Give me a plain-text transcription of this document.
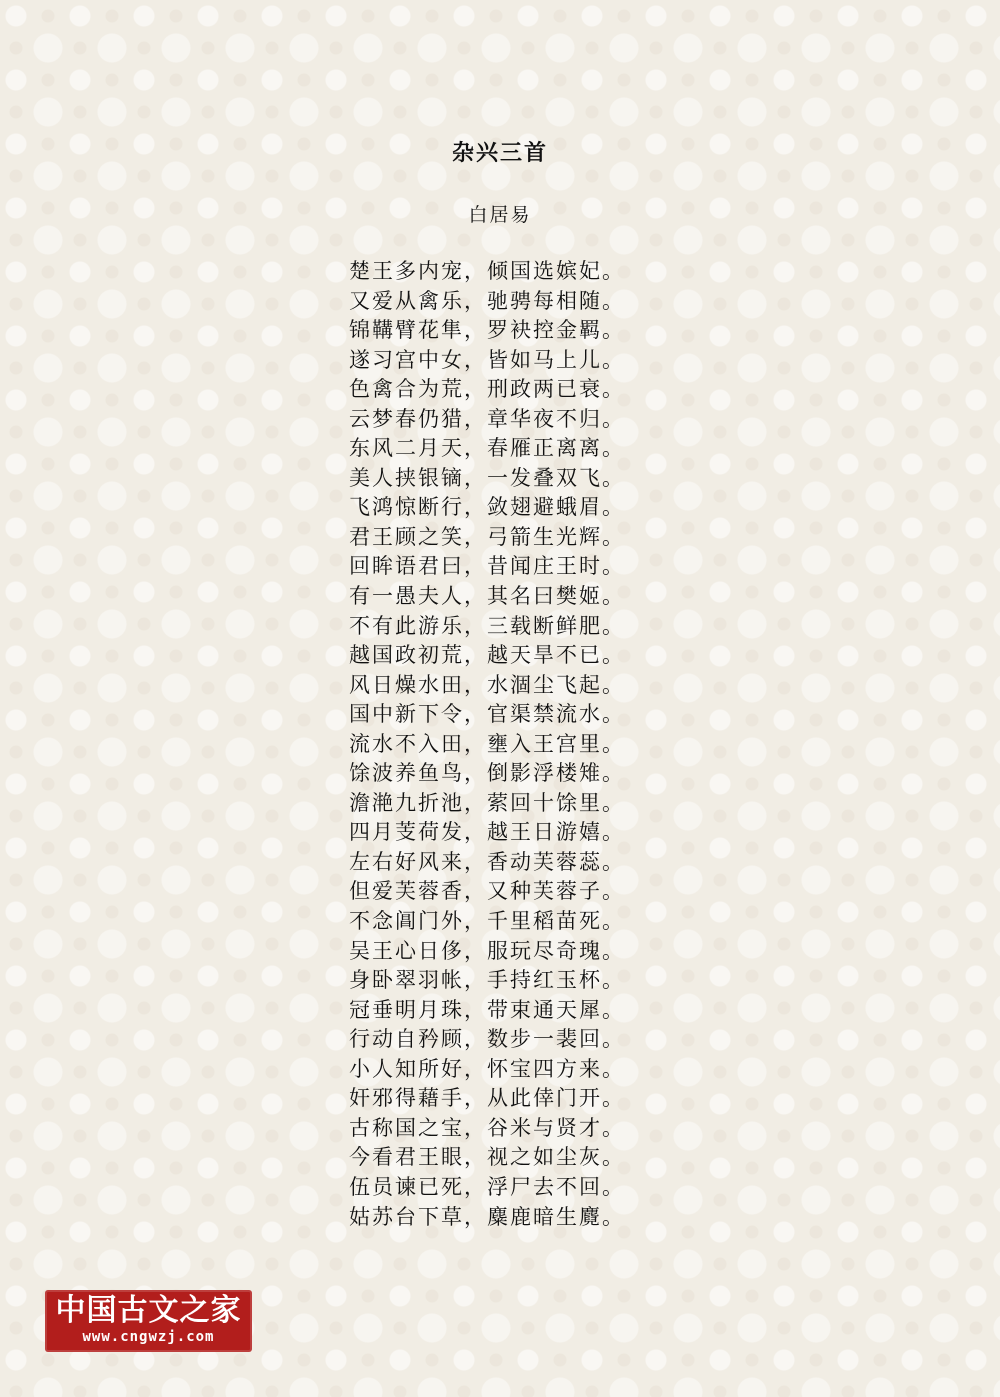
杂兴三首
白居易
楚王多内宠，倾国选嫔妃。
又爱从禽乐，驰骋每相随。
锦鞲臂花隼，罗袂控金羁。
遂习宫中女，皆如马上儿。
色禽合为荒，刑政两已衰。
云梦春仍猎，章华夜不归。
东风二月天，春雁正离离。
美人挟银镝，一发叠双飞。
飞鸿惊断行，敛翅避蛾眉。
君王顾之笑，弓箭生光辉。
回眸语君曰，昔闻庄王时。
有一愚夫人，其名曰樊姬。
不有此游乐，三载断鲜肥。
越国政初荒，越天旱不已。
风日燥水田，水涸尘飞起。
国中新下令，官渠禁流水。
流水不入田，壅入王宫里。
馀波养鱼鸟，倒影浮楼雉。
澹滟九折池，萦回十馀里。
四月芰荷发，越王日游嬉。
左右好风来，香动芙蓉蕊。
但爱芙蓉香，又种芙蓉子。
不念阊门外，千里稻苗死。
吴王心日侈，服玩尽奇瑰。
身卧翠羽帐，手持红玉杯。
冠垂明月珠，带束通天犀。
行动自矜顾，数步一裴回。
小人知所好，怀宝四方来。
奸邪得藉手，从此倖门开。
古称国之宝，谷米与贤才。
今看君王眼，视之如尘灰。
伍员谏已死，浮尸去不回。
姑苏台下草，麋鹿暗生麑。
中国古文之家
www.cngwzj.com
